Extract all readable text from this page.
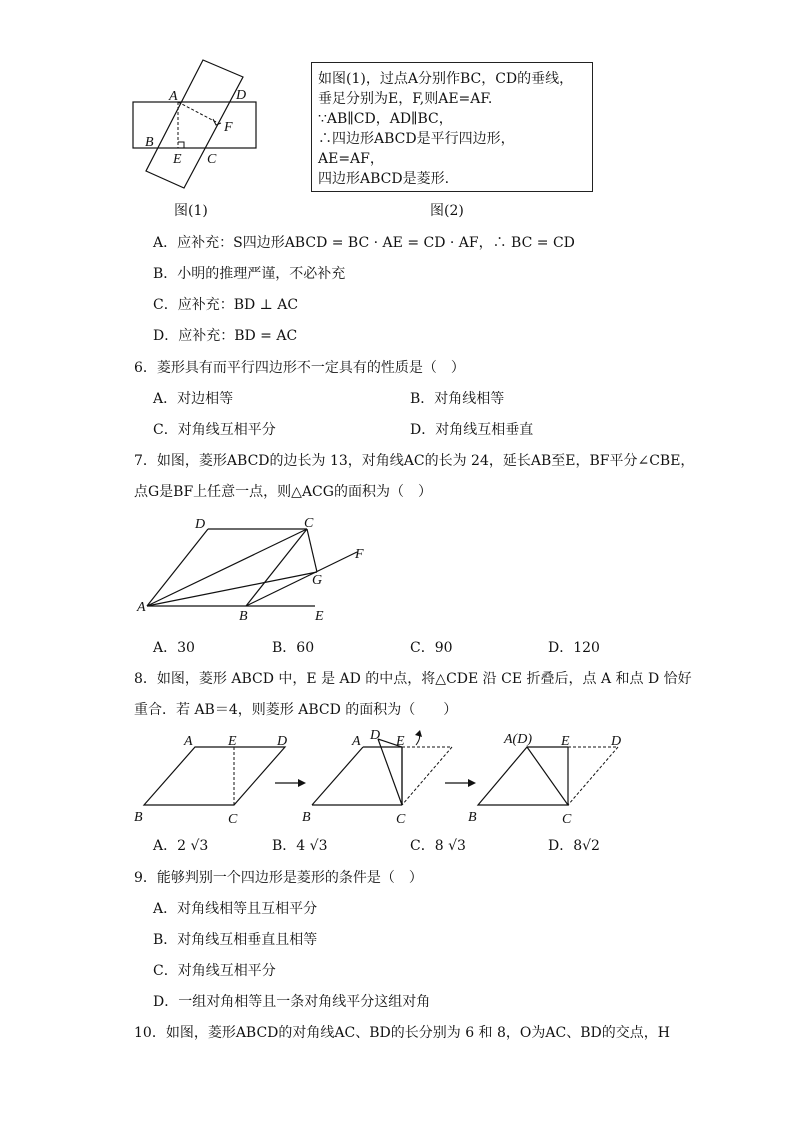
A	D
F
B
E C
图(1)
如图(1)，过点A分别作BC，CD的垂线，
垂足分别为E，F,则AE=AF.
∵AB∥CD，AD∥BC，
∴四边形ABCD是平行四边形，
AE=AF，
四边形ABCD是菱形.
图(2)
A．应补充：S四边形ABCD = BC · AE = CD · AF，∴ BC = CD
B．小明的推理严谨，不必补充
C．应补充：BD ⊥ AC
D．应补充：BD = AC
6．菱形具有而平行四边形不一定具有的性质是（　）
A．对边相等	B．对角线相等
C．对角线互相平分	D．对角线互相垂直
7．如图，菱形ABCD的边长为 13，对角线AC的长为 24，延长AB至E，BF平分∠CBE，
点G是BF上任意一点，则△ACG的面积为（　）
D	C
F
G
A
B	E
A．30	B．60	C．90	D．120
8．如图，菱形 ABCD 中，E 是 AD 的中点，将△CDE 沿 CE 折叠后，点 A 和点 D 恰好
重合．若 AB＝4，则菱形 ABCD 的面积为（　　）
A	E	D
B	C
A D E
B	C
A(D) E	D
B	C
A．2 √3	B．4 √3	C．8 √3	D．8√2
9．能够判别一个四边形是菱形的条件是（　）
A．对角线相等且互相平分
B．对角线互相垂直且相等
C．对角线互相平分
D．一组对角相等且一条对角线平分这组对角
10．如图，菱形ABCD的对角线AC、BD的长分别为 6 和 8，O为AC、BD的交点，H
